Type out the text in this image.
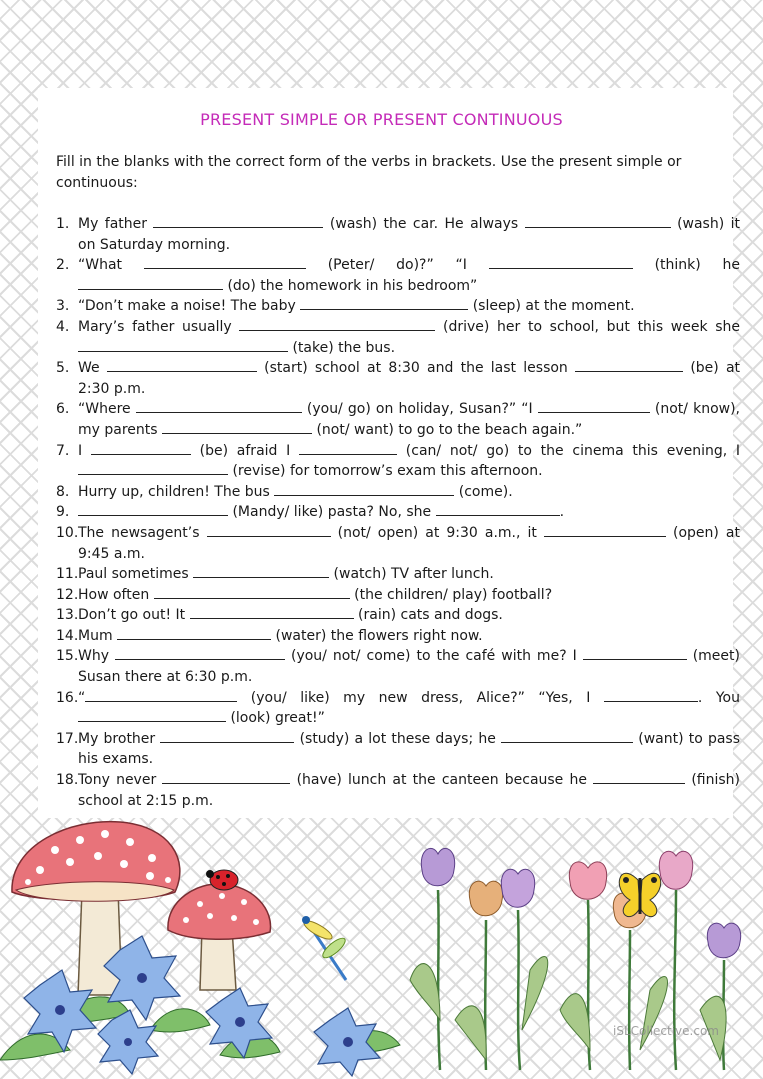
PRESENT SIMPLE OR PRESENT CONTINUOUS
Fill in the blanks with the correct form of the verbs in brackets. Use the present simple or continuous:
1. My father	(wash) the car. He always	(wash) it on Saturday morning.
2. “What	(Peter/ do)?” “I	(think) he  (do) the homework in his bedroom”
3. “Don’t make a noise! The baby	(sleep) at the moment.
4. Mary’s father usually	(drive) her to school, but this week she  (take) the bus.
5. We	(start) school at 8:30 and the last lesson	(be) at 2:30 p.m.
6. “Where	(you/ go) on holiday, Susan?” “I	(not/ know), my parents	(not/ want) to go to the beach again.”
7. I	(be) afraid I	(can/ not/ go) to the cinema this evening, I  (revise) for tomorrow’s exam this afternoon.
8. Hurry up, children! The bus	(come).
9.	(Mandy/ like) pasta? No, she	.
10. The newsagent’s	(not/ open) at 9:30 a.m., it	(open) at 9:45 a.m.
11. Paul sometimes	(watch) TV after lunch.
12. How often	(the children/ play) football?
13. Don’t go out! It	(rain) cats and dogs.
14. Mum	(water) the flowers right now.
15. Why	(you/ not/ come) to the café with me? I	(meet) Susan there at 6:30 p.m.
16. “	(you/ like) my new dress, Alice?” “Yes, I	. You  (look) great!”
17. My brother	(study) a lot these days; he	(want) to pass his exams.
18. Tony never	(have) lunch at the canteen because he	(finish) school at 2:15 p.m.
iSLCollective.com
